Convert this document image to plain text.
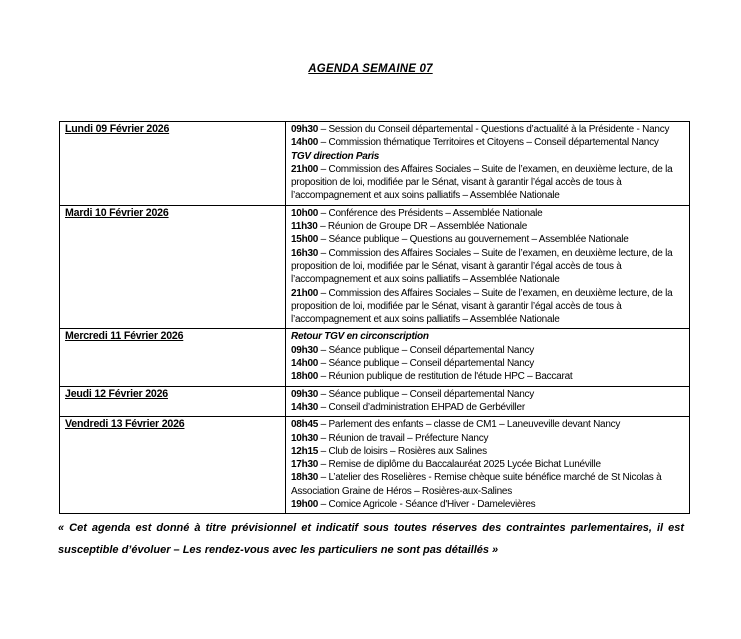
AGENDA SEMAINE 07
Lundi 09 Février 2026	09h30 – Session du Conseil départemental - Questions d’actualité à la Présidente - Nancy
14h00 – Commission thématique Territoires et Citoyens – Conseil départemental Nancy
TGV direction Paris
21h00 – Commission des Affaires Sociales – Suite de l’examen, en deuxième lecture, de la proposition de loi, modifiée par le Sénat, visant à garantir l’égal accès de tous à l’accompagnement et aux soins palliatifs – Assemblée Nationale

Mardi 10 Février 2026	10h00 – Conférence des Présidents – Assemblée Nationale
11h30 – Réunion de Groupe DR – Assemblée Nationale
15h00 – Séance publique – Questions au gouvernement – Assemblée Nationale
16h30 – Commission des Affaires Sociales – Suite de l’examen, en deuxième lecture, de la proposition de loi, modifiée par le Sénat, visant à garantir l’égal accès de tous à l’accompagnement et aux soins palliatifs – Assemblée Nationale
21h00 – Commission des Affaires Sociales – Suite de l’examen, en deuxième lecture, de la proposition de loi, modifiée par le Sénat, visant à garantir l’égal accès de tous à l’accompagnement et aux soins palliatifs – Assemblée Nationale

Mercredi 11 Février 2026	Retour TGV en circonscription
09h30 – Séance publique – Conseil départemental Nancy
14h00 – Séance publique – Conseil départemental Nancy
18h00 – Réunion publique de restitution de l'étude HPC – Baccarat

Jeudi 12 Février 2026	09h30 – Séance publique – Conseil départemental Nancy
14h30 – Conseil d’administration EHPAD de Gerbéviller

Vendredi 13 Février 2026	08h45 – Parlement des enfants – classe de CM1 – Laneuveville devant Nancy
10h30 – Réunion de travail – Préfecture Nancy
12h15 – Club de loisirs – Rosières aux Salines
17h30 – Remise de diplôme du Baccalauréat 2025 Lycée Bichat Lunéville
18h30 – L’atelier des Roselières - Remise chèque suite bénéfice marché de St Nicolas à Association Graine de Héros – Rosières-aux-Salines
19h00 – Comice Agricole - Séance d'Hiver - Damelevières
« Cet agenda est donné à titre prévisionnel et indicatif sous toutes réserves des contraintes parlementaires, il est susceptible d’évoluer – Les rendez-vous avec les particuliers ne sont pas détaillés »
